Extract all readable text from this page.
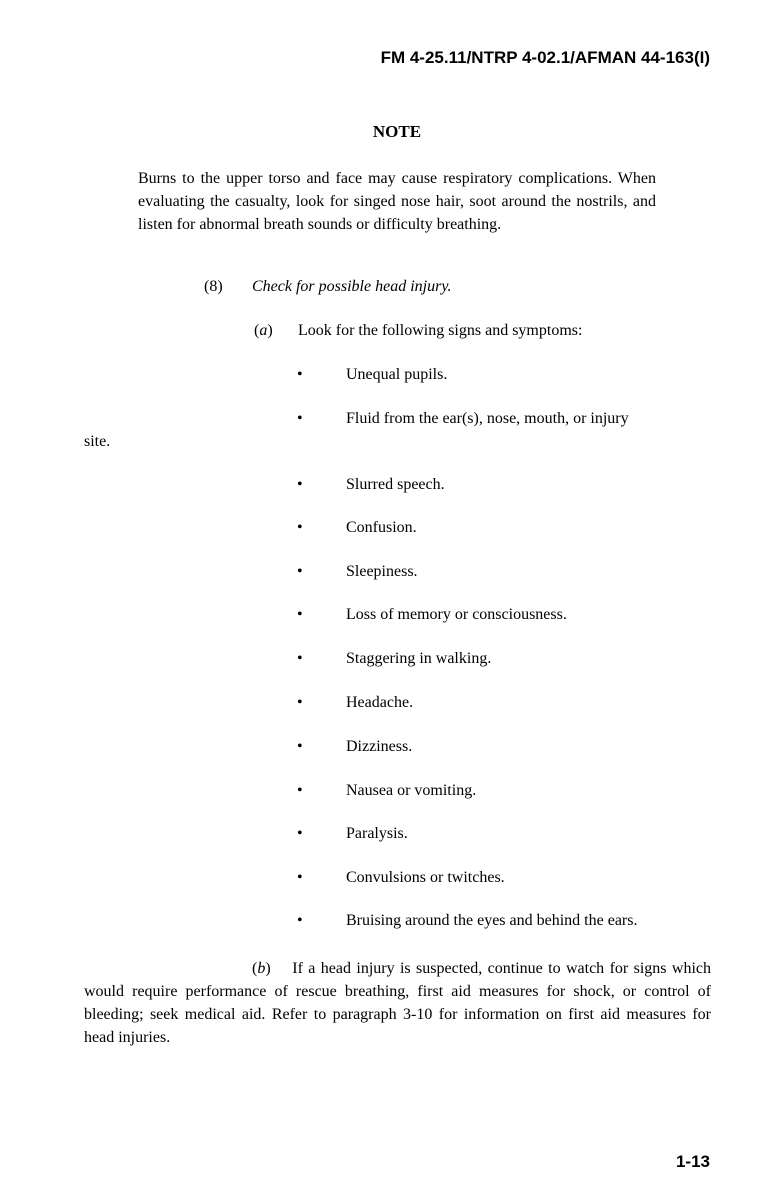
FM 4-25.11/NTRP 4-02.1/AFMAN 44-163(I)
NOTE
Burns to the upper torso and face may cause respiratory complications. When evaluating the casualty, look for singed nose hair, soot around the nostrils, and listen for abnormal breath sounds or difficulty breathing.
(8) Check for possible head injury.
(a) Look for the following signs and symptoms:
•	Unequal pupils.
•	Fluid from the ear(s), nose, mouth, or injury
site.
•	Slurred speech.
•	Confusion.
•	Sleepiness.
•	Loss of memory or consciousness.
•	Staggering in walking.
•	Headache.
•	Dizziness.
•	Nausea or vomiting.
•	Paralysis.
•	Convulsions or twitches.
•	Bruising around the eyes and behind the ears.
(b)    If a head injury is suspected, continue to watch for signs which would require performance of rescue breathing, first aid measures for shock, or control of bleeding; seek medical aid. Refer to paragraph 3-10 for information on first aid measures for head injuries.
1-13
